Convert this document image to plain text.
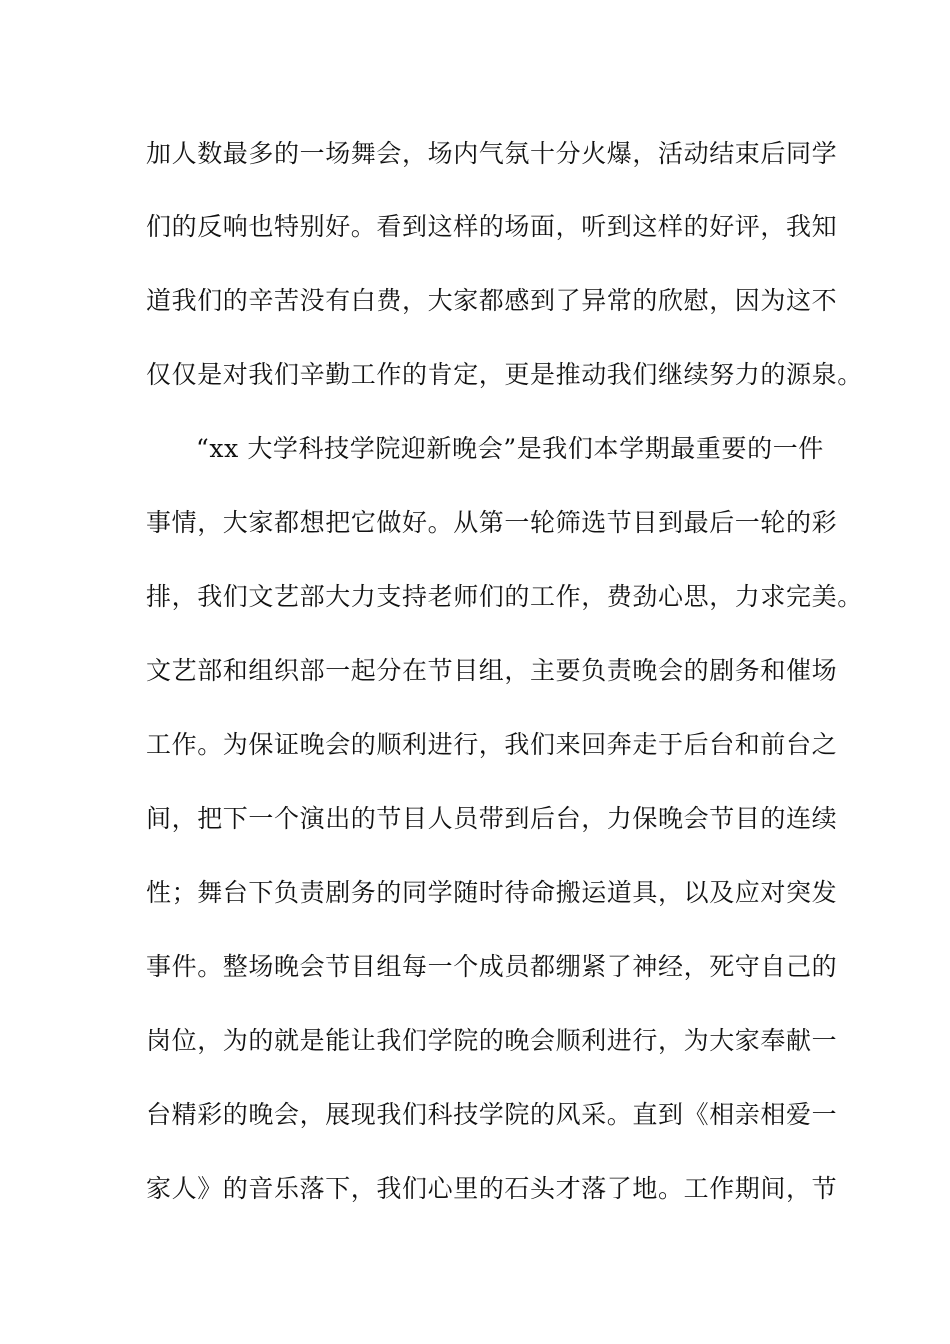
加人数最多的一场舞会，场内气氛十分火爆，活动结束后同学
们的反响也特别好。看到这样的场面，听到这样的好评，我知
道我们的辛苦没有白费，大家都感到了异常的欣慰，因为这不
仅仅是对我们辛勤工作的肯定，更是推动我们继续努力的源泉。
“xx 大学科技学院迎新晚会”是我们本学期最重要的一件
事情，大家都想把它做好。从第一轮筛选节目到最后一轮的彩
排，我们文艺部大力支持老师们的工作，费劲心思，力求完美。
文艺部和组织部一起分在节目组，主要负责晚会的剧务和催场
工作。为保证晚会的顺利进行，我们来回奔走于后台和前台之
间，把下一个演出的节目人员带到后台，力保晚会节目的连续
性；舞台下负责剧务的同学随时待命搬运道具，以及应对突发
事件。整场晚会节目组每一个成员都绷紧了神经，死守自己的
岗位，为的就是能让我们学院的晚会顺利进行，为大家奉献一
台精彩的晚会，展现我们科技学院的风采。直到《相亲相爱一
家人》的音乐落下，我们心里的石头才落了地。工作期间，节
